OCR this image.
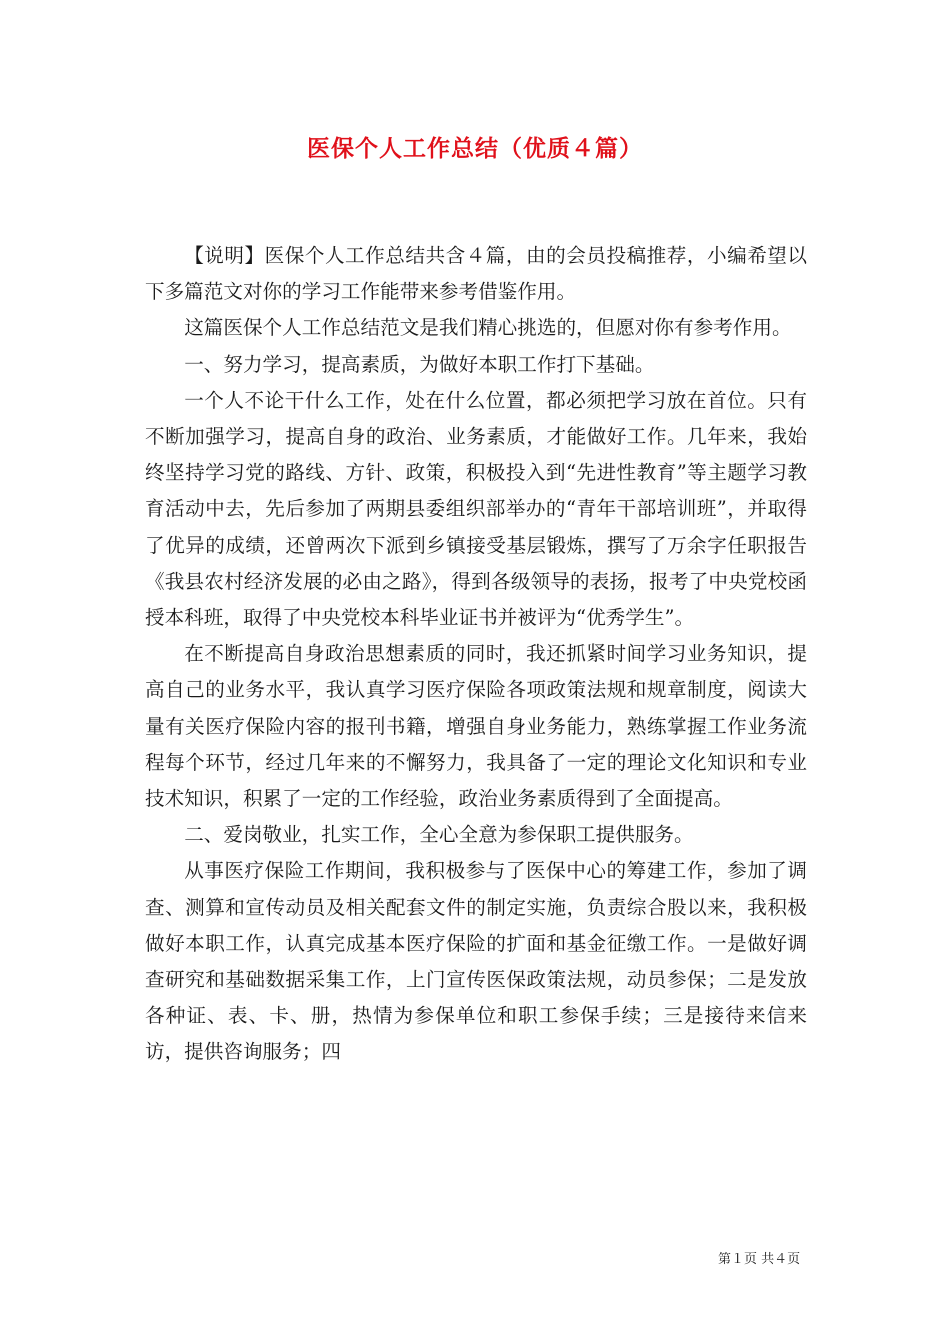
医保个人工作总结（优质４篇）

【说明】医保个人工作总结共含４篇，由的会员投稿推荐，小编希望以下多篇范文对你的学习工作能带来参考借鉴作用。

这篇医保个人工作总结范文是我们精心挑选的，但愿对你有参考作用。

一、努力学习，提高素质，为做好本职工作打下基础。

一个人不论干什么工作，处在什么位置，都必须把学习放在首位。只有不断加强学习，提高自身的政治、业务素质，才能做好工作。几年来，我始终坚持学习党的路线、方针、政策，积极投入到“先进性教育”等主题学习教育活动中去，先后参加了两期县委组织部举办的“青年干部培训班”，并取得了优异的成绩，还曾两次下派到乡镇接受基层锻炼，撰写了万余字任职报告《我县农村经济发展的必由之路》，得到各级领导的表扬，报考了中央党校函授本科班，取得了中央党校本科毕业证书并被评为“优秀学生”。

在不断提高自身政治思想素质的同时，我还抓紧时间学习业务知识，提高自己的业务水平，我认真学习医疗保险各项政策法规和规章制度，阅读大量有关医疗保险内容的报刊书籍，增强自身业务能力，熟练掌握工作业务流程每个环节，经过几年来的不懈努力，我具备了一定的理论文化知识和专业技术知识，积累了一定的工作经验，政治业务素质得到了全面提高。

二、爱岗敬业，扎实工作，全心全意为参保职工提供服务。

从事医疗保险工作期间，我积极参与了医保中心的筹建工作，参加了调查、测算和宣传动员及相关配套文件的制定实施，负责综合股以来，我积极做好本职工作，认真完成基本医疗保险的扩面和基金征缴工作。一是做好调查研究和基础数据采集工作，上门宣传医保政策法规，动员参保；二是发放各种证、表、卡、册，热情为参保单位和职工参保手续；三是接待来信来访，提供咨询服务；四

第１页 共４页
